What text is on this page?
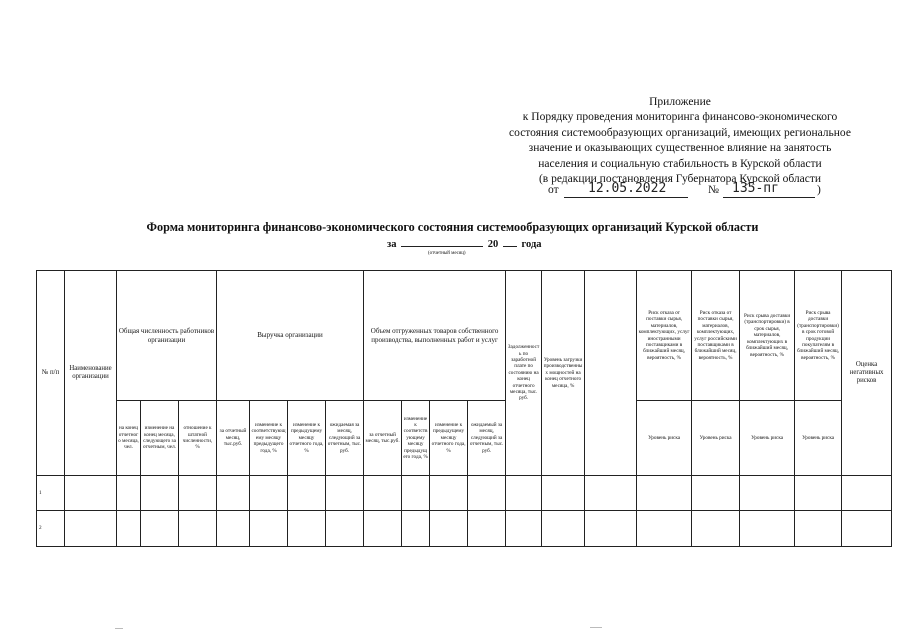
Приложение
к Порядку проведения мониторинга финансово-экономического
состояния системообразующих организаций, имеющих региональное
значение и оказывающих существенное влияние на занятость
населения и социальную стабильность в Курской области
(в редакции постановления Губернатора Курской области
от 12.05.2022	№ 135-пг	)
Форма мониторинга финансово-экономического состояния системообразующих организаций Курской области
за	20 года
(отчетный месяц)
№ п/п	Наименование организации	Общая численность работников организации			Выручка организации				Объем отгруженных товаров собственного производства, выполненных работ и услуг				Задолженность по заработной плате по состоянию на конец отчетного месяца, тыс. руб.	Уровень загрузки производственных мощностей на конец отчетного месяца, %		Риск отказа от поставки сырья, материалов, комплектующих, услуг иностранными поставщиками в ближайший месяц, вероятность, %	Риск отказа от поставки сырья, материалов, комплектующих, услуг российскими поставщиками в ближайший месяц, вероятность, %	Риск срыва доставки (транспортировки) в срок сырья, материалов, комплектующих в ближайший месяц, вероятность, %	Риск срыва доставки (транспортировки) в срок готовой продукции покупателям в ближайший месяц, вероятность, %	Оценка негативных рисков
		на конец отчетного месяца, чел.	изменение на конец месяца, следующего за отчетным, чел.	отношение к штатной численности, %	за отчетный месяц, тыс.руб.	изменение к соответствующему месяцу предыдущего года, %	изменение к предыдущему месяцу отчетного года, %	ожидаемая за месяц, следующий за отчетным, тыс. руб.	за отчетный месяц, тыс.руб.	изменение к соответствующему месяцу предыдущего года, %	изменение к предыдущему месяцу отчетного года, %	ожидаемый за месяц, следующий за отчетным, тыс. руб.				Уровень риска	Уровень риска	Уровень риска	Уровень риска	
1																				
2																				
